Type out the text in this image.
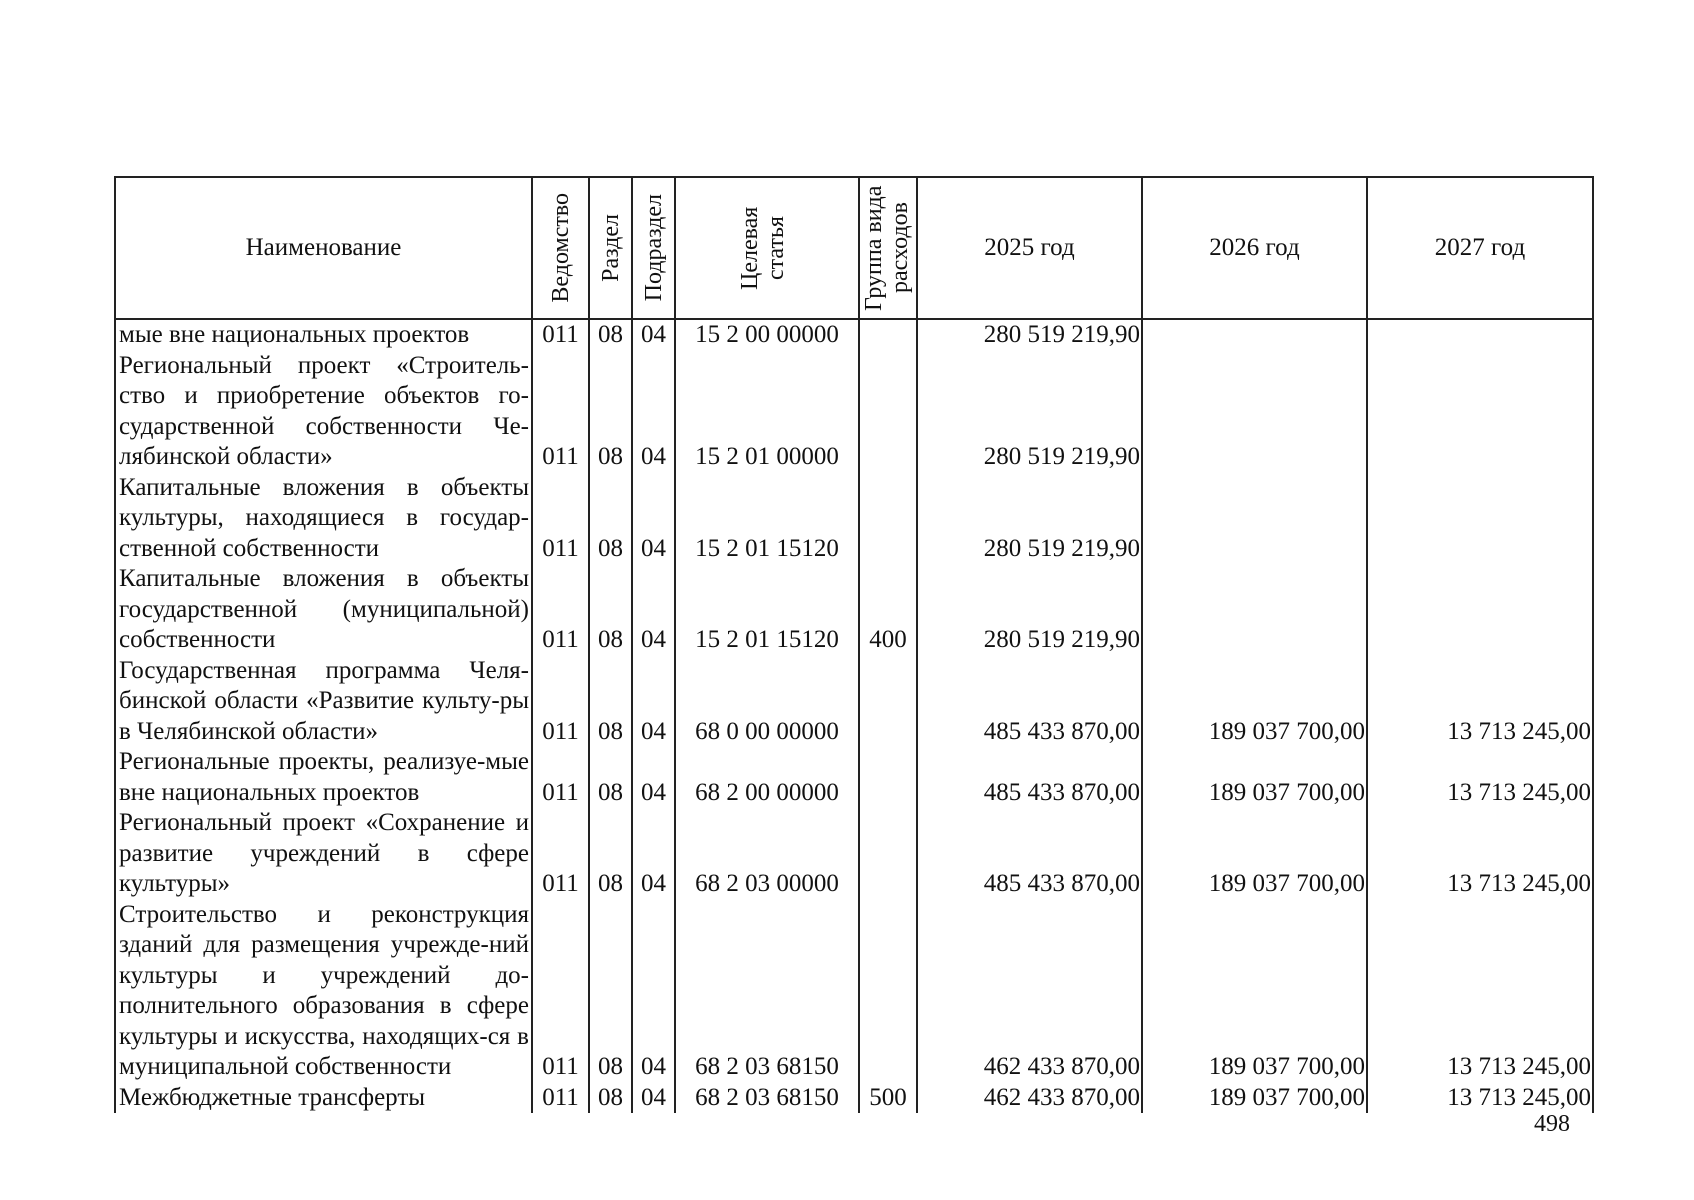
Наименование	Ведомство	Раздел	Подраздел	Целевая статья	Группа вида расходов	2025 год	2026 год	2027 год
мые вне национальных проектов	011	08	04	15 2 00 00000		280 519 219,90		
Региональный проект «Строитель-ство и приобретение объектов го-сударственной собственности Че-лябинской области»	011	08	04	15 2 01 00000		280 519 219,90		
Капитальные вложения в объекты культуры, находящиеся в государ-ственной собственности	011	08	04	15 2 01 15120		280 519 219,90		
Капитальные вложения в объекты государственной (муниципальной) собственности	011	08	04	15 2 01 15120	400	280 519 219,90		
Государственная программа Челя-бинской области «Развитие культу-ры в Челябинской области»	011	08	04	68 0 00 00000		485 433 870,00	189 037 700,00	13 713 245,00
Региональные проекты, реализуе-мые вне национальных проектов	011	08	04	68 2 00 00000		485 433 870,00	189 037 700,00	13 713 245,00
Региональный проект «Сохранение и развитие учреждений в сфере культуры»	011	08	04	68 2 03 00000		485 433 870,00	189 037 700,00	13 713 245,00
Строительство и реконструкция зданий для размещения учрежде-ний культуры и учреждений до-полнительного образования в сфере культуры и искусства, находящих-ся в муниципальной собственности	011	08	04	68 2 03 68150		462 433 870,00	189 037 700,00	13 713 245,00
Межбюджетные трансферты	011	08	04	68 2 03 68150	500	462 433 870,00	189 037 700,00	13 713 245,00
498
